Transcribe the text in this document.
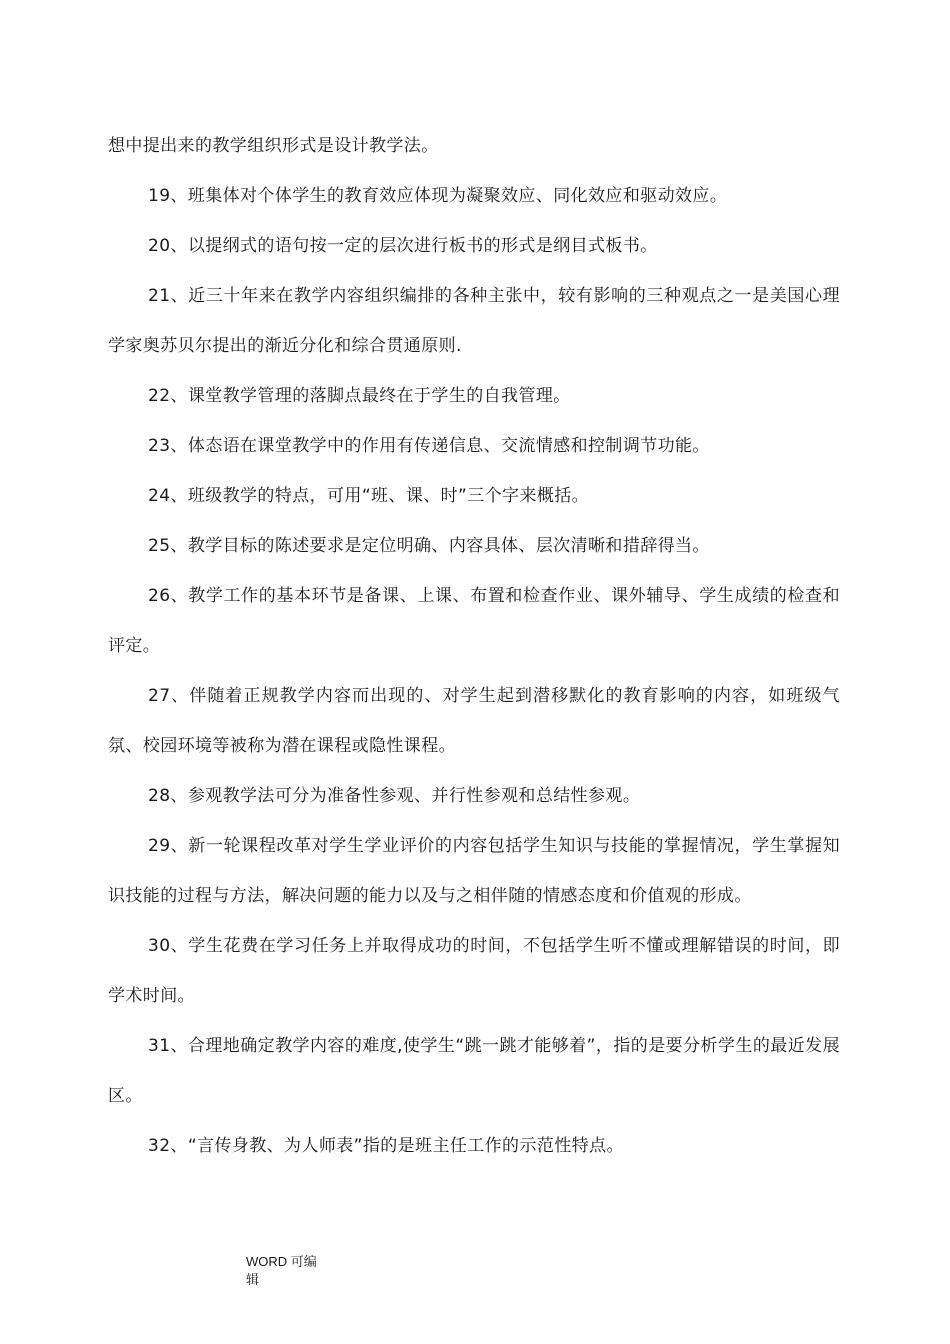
想中提出来的教学组织形式是设计教学法。

19、班集体对个体学生的教育效应体现为凝聚效应、同化效应和驱动效应。

20、以提纲式的语句按一定的层次进行板书的形式是纲目式板书。

21、近三十年来在教学内容组织编排的各种主张中，较有影响的三种观点之一是美国心理学家奥苏贝尔提出的渐近分化和综合贯通原则.

22、课堂教学管理的落脚点最终在于学生的自我管理。

23、体态语在课堂教学中的作用有传递信息、交流情感和控制调节功能。

24、班级教学的特点，可用“班、课、时”三个字来概括。

25、教学目标的陈述要求是定位明确、内容具体、层次清晰和措辞得当。

26、教学工作的基本环节是备课、上课、布置和检查作业、课外辅导、学生成绩的检查和评定。

27、伴随着正规教学内容而出现的、对学生起到潜移默化的教育影响的内容，如班级气氛、校园环境等被称为潜在课程或隐性课程。

28、参观教学法可分为准备性参观、并行性参观和总结性参观。

29、新一轮课程改革对学生学业评价的内容包括学生知识与技能的掌握情况，学生掌握知识技能的过程与方法，解决问题的能力以及与之相伴随的情感态度和价值观的形成。

30、学生花费在学习任务上并取得成功的时间，不包括学生听不懂或理解错误的时间，即学术时间。

31、合理地确定教学内容的难度,使学生“跳一跳才能够着”，指的是要分析学生的最近发展区。

32、“言传身教、为人师表”指的是班主任工作的示范性特点。

WORD 可编辑
